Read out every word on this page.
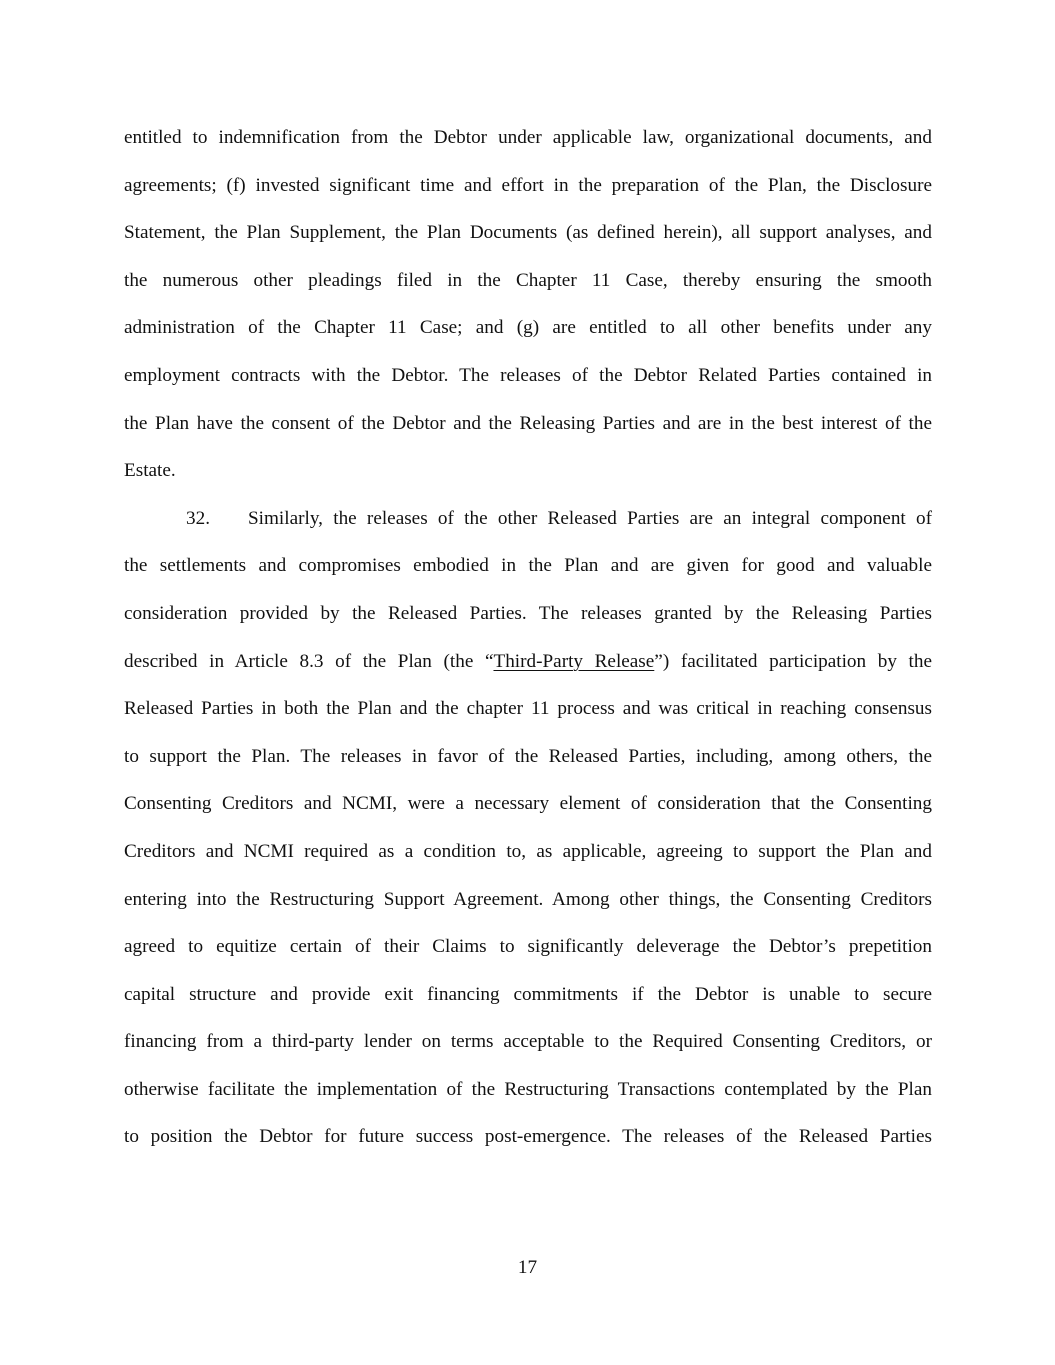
entitled to indemnification from the Debtor under applicable law, organizational documents, and
agreements; (f) invested significant time and effort in the preparation of the Plan, the Disclosure
Statement, the Plan Supplement, the Plan Documents (as defined herein), all support analyses, and
the numerous other pleadings filed in the Chapter 11 Case, thereby ensuring the smooth
administration of the Chapter 11 Case; and (g) are entitled to all other benefits under any
employment contracts with the Debtor. The releases of the Debtor Related Parties contained in
the Plan have the consent of the Debtor and the Releasing Parties and are in the best interest of the
Estate.
32. Similarly, the releases of the other Released Parties are an integral component of
the settlements and compromises embodied in the Plan and are given for good and valuable
consideration provided by the Released Parties. The releases granted by the Releasing Parties
described in Article 8.3 of the Plan (the “Third-Party Release”) facilitated participation by the
Released Parties in both the Plan and the chapter 11 process and was critical in reaching consensus
to support the Plan. The releases in favor of the Released Parties, including, among others, the
Consenting Creditors and NCMI, were a necessary element of consideration that the Consenting
Creditors and NCMI required as a condition to, as applicable, agreeing to support the Plan and
entering into the Restructuring Support Agreement. Among other things, the Consenting Creditors
agreed to equitize certain of their Claims to significantly deleverage the Debtor’s prepetition
capital structure and provide exit financing commitments if the Debtor is unable to secure
financing from a third-party lender on terms acceptable to the Required Consenting Creditors, or
otherwise facilitate the implementation of the Restructuring Transactions contemplated by the Plan
to position the Debtor for future success post-emergence. The releases of the Released Parties
17
